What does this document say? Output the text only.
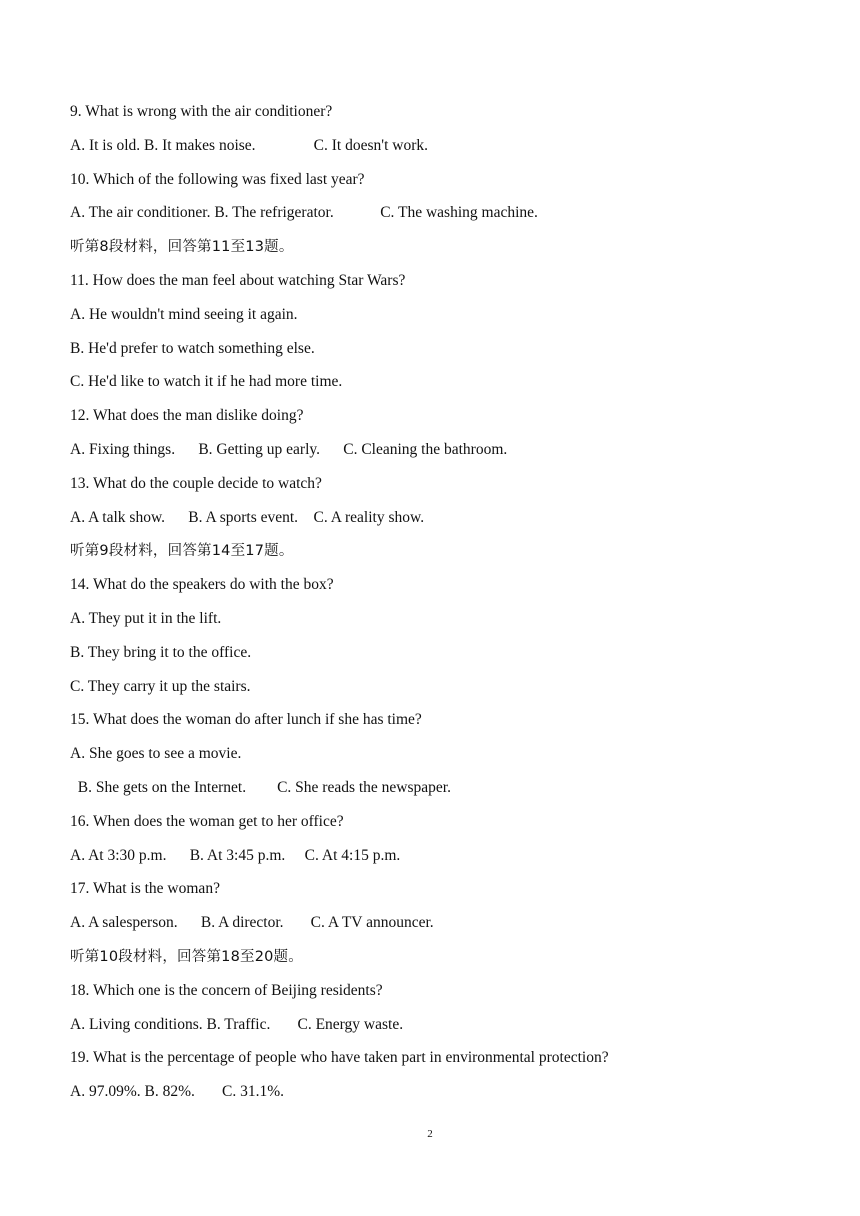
9. What is wrong with the air conditioner?
A. It is old. B. It makes noise.               C. It doesn't work.
10. Which of the following was fixed last year?
A. The air conditioner. B. The refrigerator.            C. The washing machine.
听第8段材料，回答第11至13题。
11. How does the man feel about watching Star Wars?
A. He wouldn't mind seeing it again.
B. He'd prefer to watch something else.
C. He'd like to watch it if he had more time.
12. What does the man dislike doing?
A. Fixing things.      B. Getting up early.      C. Cleaning the bathroom.
13. What do the couple decide to watch?
A. A talk show.      B. A sports event.    C. A reality show.
听第9段材料，回答第14至17题。
14. What do the speakers do with the box?
A. They put it in the lift.
B. They bring it to the office.
C. They carry it up the stairs.
15. What does the woman do after lunch if she has time?
A. She goes to see a movie.
B. She gets on the Internet.        C. She reads the newspaper.
16. When does the woman get to her office?
A. At 3:30 p.m.      B. At 3:45 p.m.     C. At 4:15 p.m.
17. What is the woman?
A. A salesperson.      B. A director.       C. A TV announcer.
听第10段材料，回答第18至20题。
18. Which one is the concern of Beijing residents?
A. Living conditions. B. Traffic.       C. Energy waste.
19. What is the percentage of people who have taken part in environmental protection?
A. 97.09%. B. 82%.       C. 31.1%.
2
